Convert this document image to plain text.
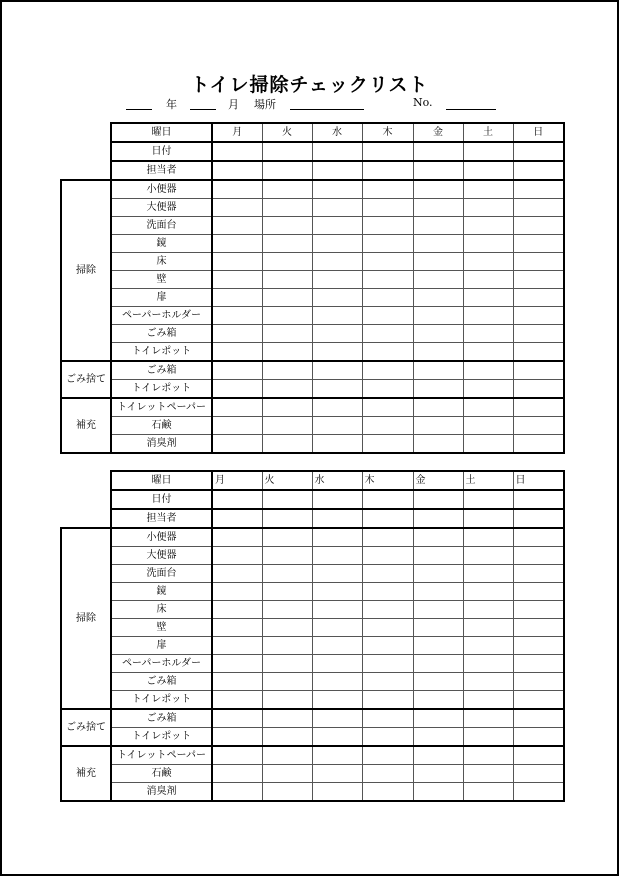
トイレ掃除チェックリスト
年	月 場所	No.
	曜日	月	火	水	木	金	土	日
	日付							
	担当者							
掃除	小便器							
	大便器							
	洗面台							
	鏡							
	床							
	壁							
	扉							
	ペーパーホルダー							
	ごみ箱							
	トイレポット							
ごみ捨て	ごみ箱							
	トイレポット							
補充	トイレットペーパー							
	石鹸							
	消臭剤							
	曜日	月	火	水	木	金	土	日
	日付							
	担当者							
掃除	小便器							
	大便器							
	洗面台							
	鏡							
	床							
	壁							
	扉							
	ペーパーホルダー							
	ごみ箱							
	トイレポット							
ごみ捨て	ごみ箱							
	トイレポット							
補充	トイレットペーパー							
	石鹸							
	消臭剤							
